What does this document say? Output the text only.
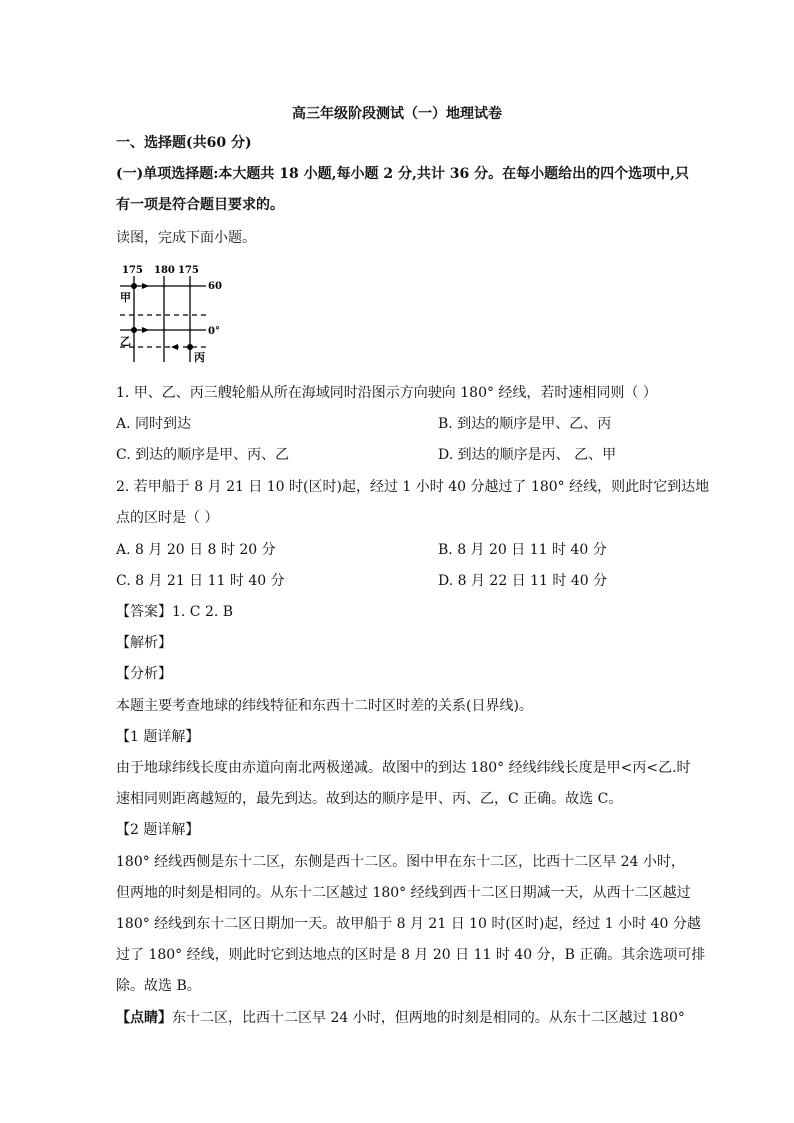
高三年级阶段测试（一）地理试卷
一、选择题(共60 分)
(一)单项选择题:本大题共 18 小题,每小题 2 分,共计 36 分。在每小题给出的四个选项中,只
有一项是符合题目要求的。
读图，完成下面小题。
175 180 175
60
0°
甲
乙
丙
1. 甲、乙、丙三艘轮船从所在海域同时沿图示方向驶向 180° 经线，若时速相同则（ ）
A. 同时到达	B. 到达的顺序是甲、乙、丙
C. 到达的顺序是甲、丙、乙	D. 到达的顺序是丙、 乙、甲
2. 若甲船于 8 月 21 日 10 时(区时)起，经过 1 小时 40 分越过了 180° 经线，则此时它到达地
点的区时是（ ）
A. 8 月 20 日 8 时 20 分	B. 8 月 20 日 11 时 40 分
C. 8 月 21 日 11 时 40 分	D. 8 月 22 日 11 时 40 分
【答案】1. C 2. B
【解析】
【分析】
本题主要考查地球的纬线特征和东西十二时区时差的关系(日界线)。
【1 题详解】
由于地球纬线长度由赤道向南北两极递减。故图中的到达 180° 经线纬线长度是甲<丙<乙.时
速相同则距离越短的，最先到达。故到达的顺序是甲、丙、乙，C 正确。故选 C。
【2 题详解】
180° 经线西侧是东十二区，东侧是西十二区。图中甲在东十二区，比西十二区早 24 小时，
但两地的时刻是相同的。从东十二区越过 180° 经线到西十二区日期减一天，从西十二区越过
180° 经线到东十二区日期加一天。故甲船于 8 月 21 日 10 时(区时)起，经过 1 小时 40 分越
过了 180° 经线，则此时它到达地点的区时是 8 月 20 日 11 时 40 分，B 正确。其余选项可排
除。故选 B。
【点睛】东十二区，比西十二区早 24 小时，但两地的时刻是相同的。从东十二区越过 180°
